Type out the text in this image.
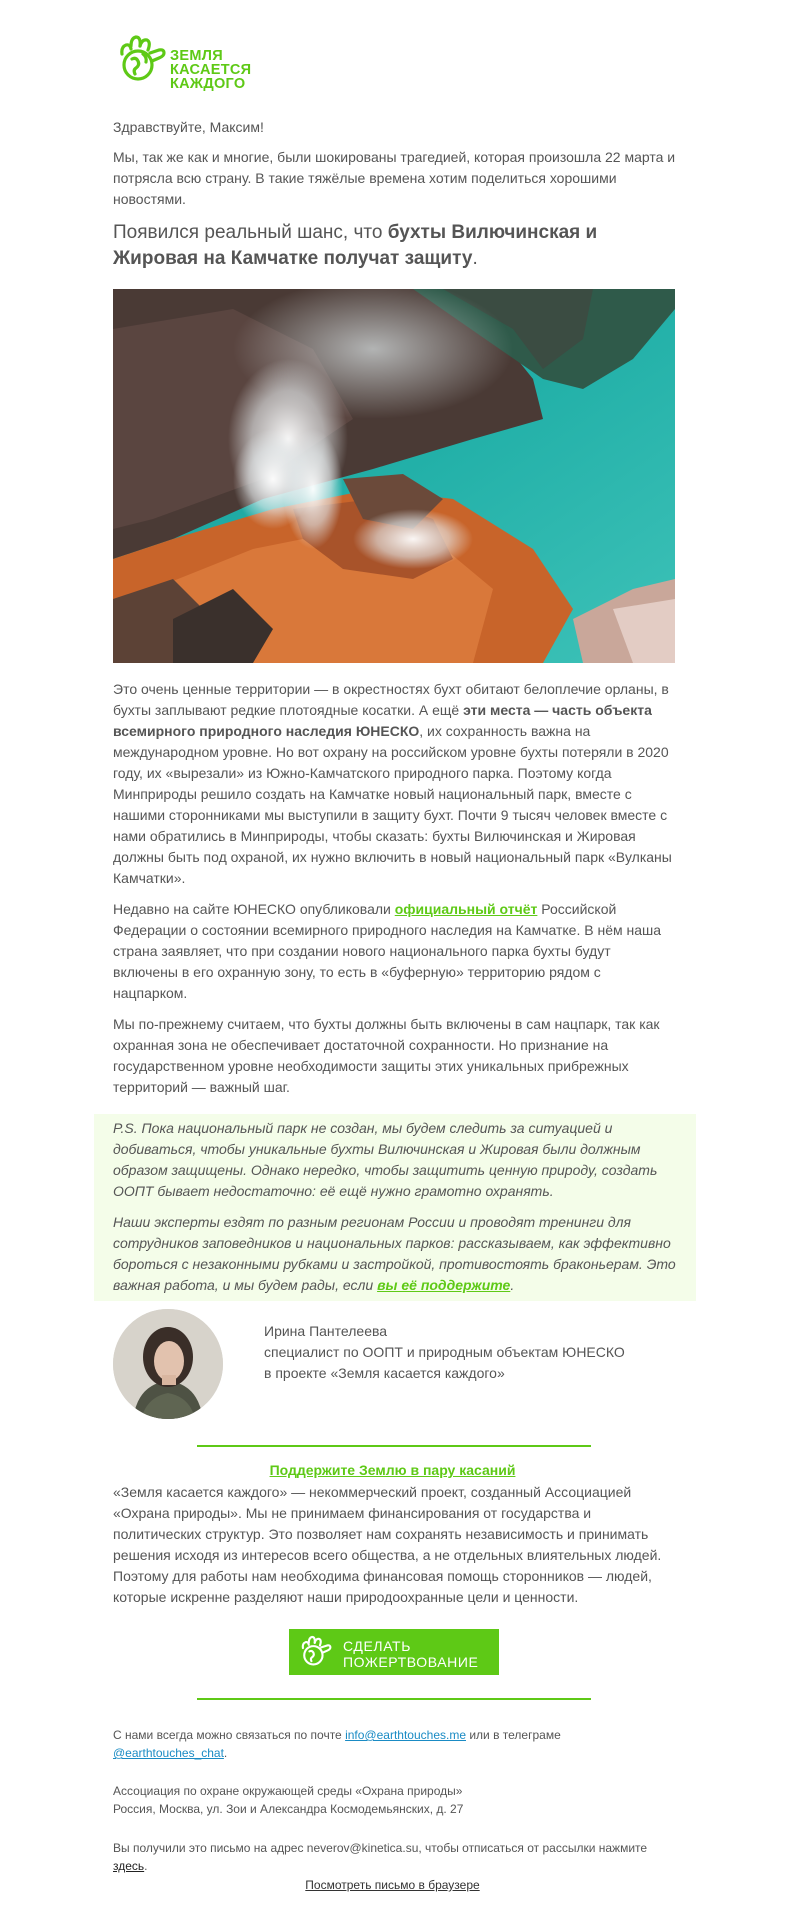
ЗЕМЛЯ
КАСАЕТСЯ
КАЖДОГО

Здравствуйте, Максим!

Мы, так же как и многие, были шокированы трагедией, которая произошла 22 марта и потрясла всю страну. В такие тяжёлые времена хотим поделиться хорошими новостями.

Появился реальный шанс, что бухты Вилючинская и Жировая на Камчатке получат защиту.

Это очень ценные территории — в окрестностях бухт обитают белоплечие орланы, в бухты заплывают редкие плотоядные косатки. А ещё эти места — часть объекта всемирного природного наследия ЮНЕСКО, их сохранность важна на международном уровне. Но вот охрану на российском уровне бухты потеряли в 2020 году, их «вырезали» из Южно-Камчатского природного парка. Поэтому когда Минприроды решило создать на Камчатке новый национальный парк, вместе с нашими сторонниками мы выступили в защиту бухт. Почти 9 тысяч человек вместе с нами обратились в Минприроды, чтобы сказать: бухты Вилючинская и Жировая должны быть под охраной, их нужно включить в новый национальный парк «Вулканы Камчатки».

Недавно на сайте ЮНЕСКО опубликовали официальный отчёт Российской Федерации о состоянии всемирного природного наследия на Камчатке. В нём наша страна заявляет, что при создании нового национального парка бухты будут включены в его охранную зону, то есть в «буферную» территорию рядом с нацпарком.

Мы по-прежнему считаем, что бухты должны быть включены в сам нацпарк, так как охранная зона не обеспечивает достаточной сохранности. Но признание на государственном уровне необходимости защиты этих уникальных прибрежных территорий — важный шаг.

P.S. Пока национальный парк не создан, мы будем следить за ситуацией и добиваться, чтобы уникальные бухты Вилючинская и Жировая были должным образом защищены. Однако нередко, чтобы защитить ценную природу, создать ООПТ бывает недостаточно: её ещё нужно грамотно охранять.

Наши эксперты ездят по разным регионам России и проводят тренинги для сотрудников заповедников и национальных парков: рассказываем, как эффективно бороться с незаконными рубками и застройкой, противостоять браконьерам. Это важная работа, и мы будем рады, если вы её поддержите.

Ирина Пантелеева
специалист по ООПТ и природным объектам ЮНЕСКО
в проекте «Земля касается каждого»
Поддержите Землю в пару касаний

«Земля касается каждого» — некоммерческий проект, созданный Ассоциацией «Охрана природы». Мы не принимаем финансирования от государства и политических структур. Это позволяет нам сохранять независимость и принимать решения исходя из интересов всего общества, а не отдельных влиятельных людей. Поэтому для работы нам необходима финансовая помощь сторонников — людей, которые искренне разделяют наши природоохранные цели и ценности.

СДЕЛАТЬ
ПОЖЕРТВОВАНИЕ

С нами всегда можно связаться по почте info@earthtouches.me или в телеграме @earthtouches_chat.

Ассоциация по охране окружающей среды «Охрана природы»
Россия, Москва, ул. Зои и Александра Космодемьянских, д. 27

Вы получили это письмо на адрес neverov@kinetica.su, чтобы отписаться от рассылки нажмите здесь.

Посмотреть письмо в браузере
